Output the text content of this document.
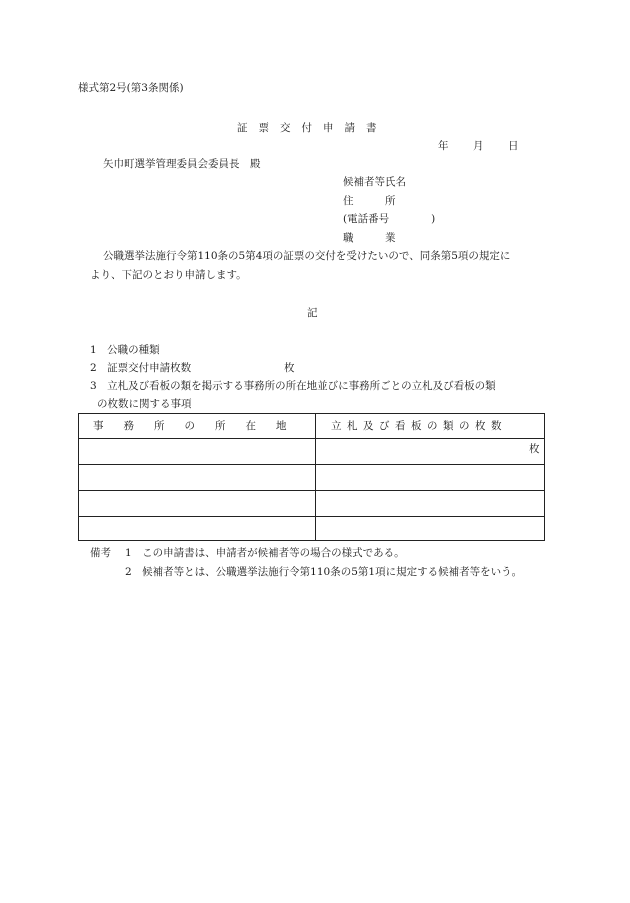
様式第2号(第3条関係)
証票交付申請書
年 月 日
矢巾町選挙管理委員会委員長　殿
候補者等氏名
住　　　所
(電話番号　　　　)
職　　　業
公職選挙法施行令第110条の5第4項の証票の交付を受けたいので、同条第5項の規定に
より、下記のとおり申請します。
記
1　公職の種類
2　証票交付申請枚数	枚
3　立札及び看板の類を掲示する事務所の所在地並びに事務所ごとの立札及び看板の類
の枚数に関する事項
事務所の所在地 立札及び看板の類の枚数
枚
備考 1　この申請書は、申請者が候補者等の場合の様式である。
2　候補者等とは、公職選挙法施行令第110条の5第1項に規定する候補者等をいう。
